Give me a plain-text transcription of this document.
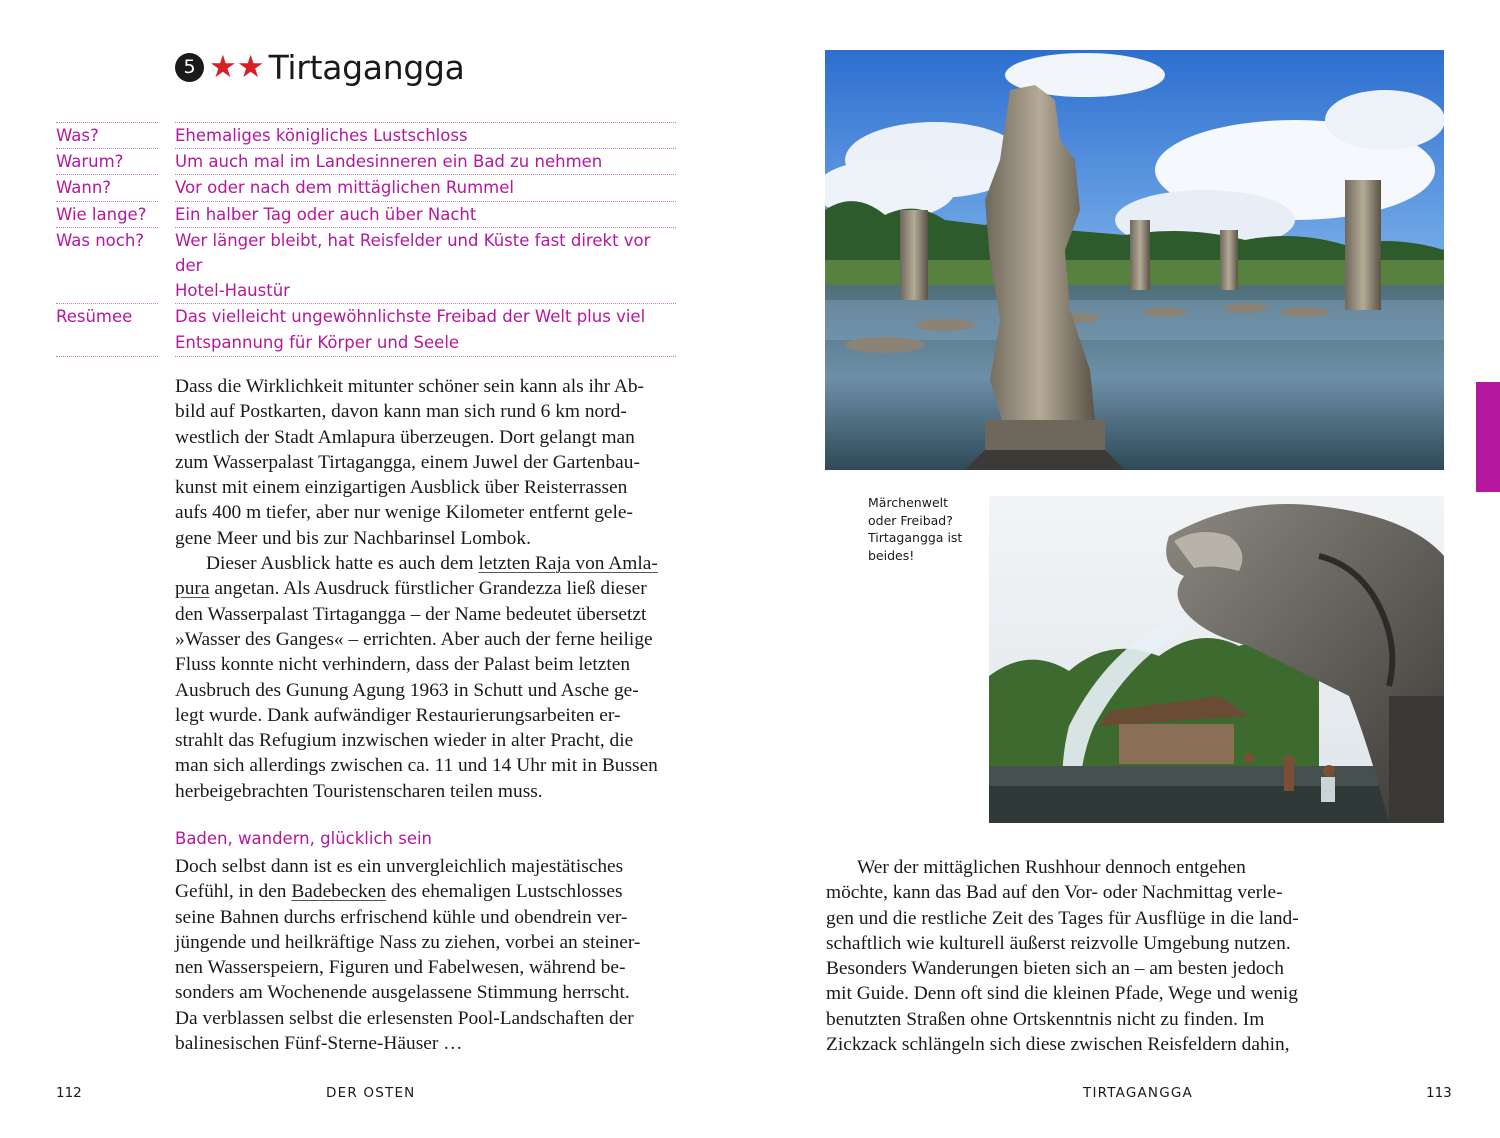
5 ★★ Tirtagangga
Was?	Ehemaliges königliches Lustschloss
Warum?	Um auch mal im Landesinneren ein Bad zu nehmen
Wann?	Vor oder nach dem mittäglichen Rummel
Wie lange?	Ein halber Tag oder auch über Nacht
Was noch?	Wer länger bleibt, hat Reisfelder und Küste fast direkt vor der
Hotel-Haustür
Resümee	Das vielleicht ungewöhnlichste Freibad der Welt plus viel
Entspannung für Körper und Seele
Dass die Wirklichkeit mitunter schöner sein kann als ihr Ab-
bild auf Postkarten, davon kann man sich rund 6 km nord-
westlich der Stadt Amlapura überzeugen. Dort gelangt man
zum Wasserpalast Tirtagangga, einem Juwel der Gartenbau-
kunst mit einem einzigartigen Ausblick über Reisterrassen
aufs 400 m tiefer, aber nur wenige Kilometer entfernt gele-
gene Meer und bis zur Nachbarinsel Lombok.
Dieser Ausblick hatte es auch dem letzten Raja von Amla-
pura angetan. Als Ausdruck fürstlicher Grandezza ließ dieser
den Wasserpalast Tirtagangga – der Name bedeutet übersetzt
»Wasser des Ganges« – errichten. Aber auch der ferne heilige
Fluss konnte nicht verhindern, dass der Palast beim letzten
Ausbruch des Gunung Agung 1963 in Schutt und Asche ge-
legt wurde. Dank aufwändiger Restaurierungsarbeiten er-
strahlt das Refugium inzwischen wieder in alter Pracht, die
man sich allerdings zwischen ca. 11 und 14 Uhr mit in Bussen
herbeigebrachten Touristenscharen teilen muss.
Baden, wandern, glücklich sein
Doch selbst dann ist es ein unvergleichlich majestätisches
Gefühl, in den Badebecken des ehemaligen Lustschlosses
seine Bahnen durchs erfrischend kühle und obendrein ver-
jüngende und heilkräftige Nass zu ziehen, vorbei an steiner-
nen Wasserspeiern, Figuren und Fabelwesen, während be-
sonders am Wochenende ausgelassene Stimmung herrscht.
Da verblassen selbst die erlesensten Pool-Landschaften der
balinesischen Fünf-Sterne-Häuser …
Wer der mittäglichen Rushhour dennoch entgehen
möchte, kann das Bad auf den Vor- oder Nachmittag verle-
gen und die restliche Zeit des Tages für Ausflüge in die land-
schaftlich wie kulturell äußerst reizvolle Umgebung nutzen.
Besonders Wanderungen bieten sich an – am besten jedoch
mit Guide. Denn oft sind die kleinen Pfade, Wege und wenig
benutzten Straßen ohne Ortskenntnis nicht zu finden. Im
Zickzack schlängeln sich diese zwischen Reisfeldern dahin,
Märchenwelt
oder Freibad?
Tirtagangga ist
beides!
112	DER OSTEN	TIRTAGANGGA	113
